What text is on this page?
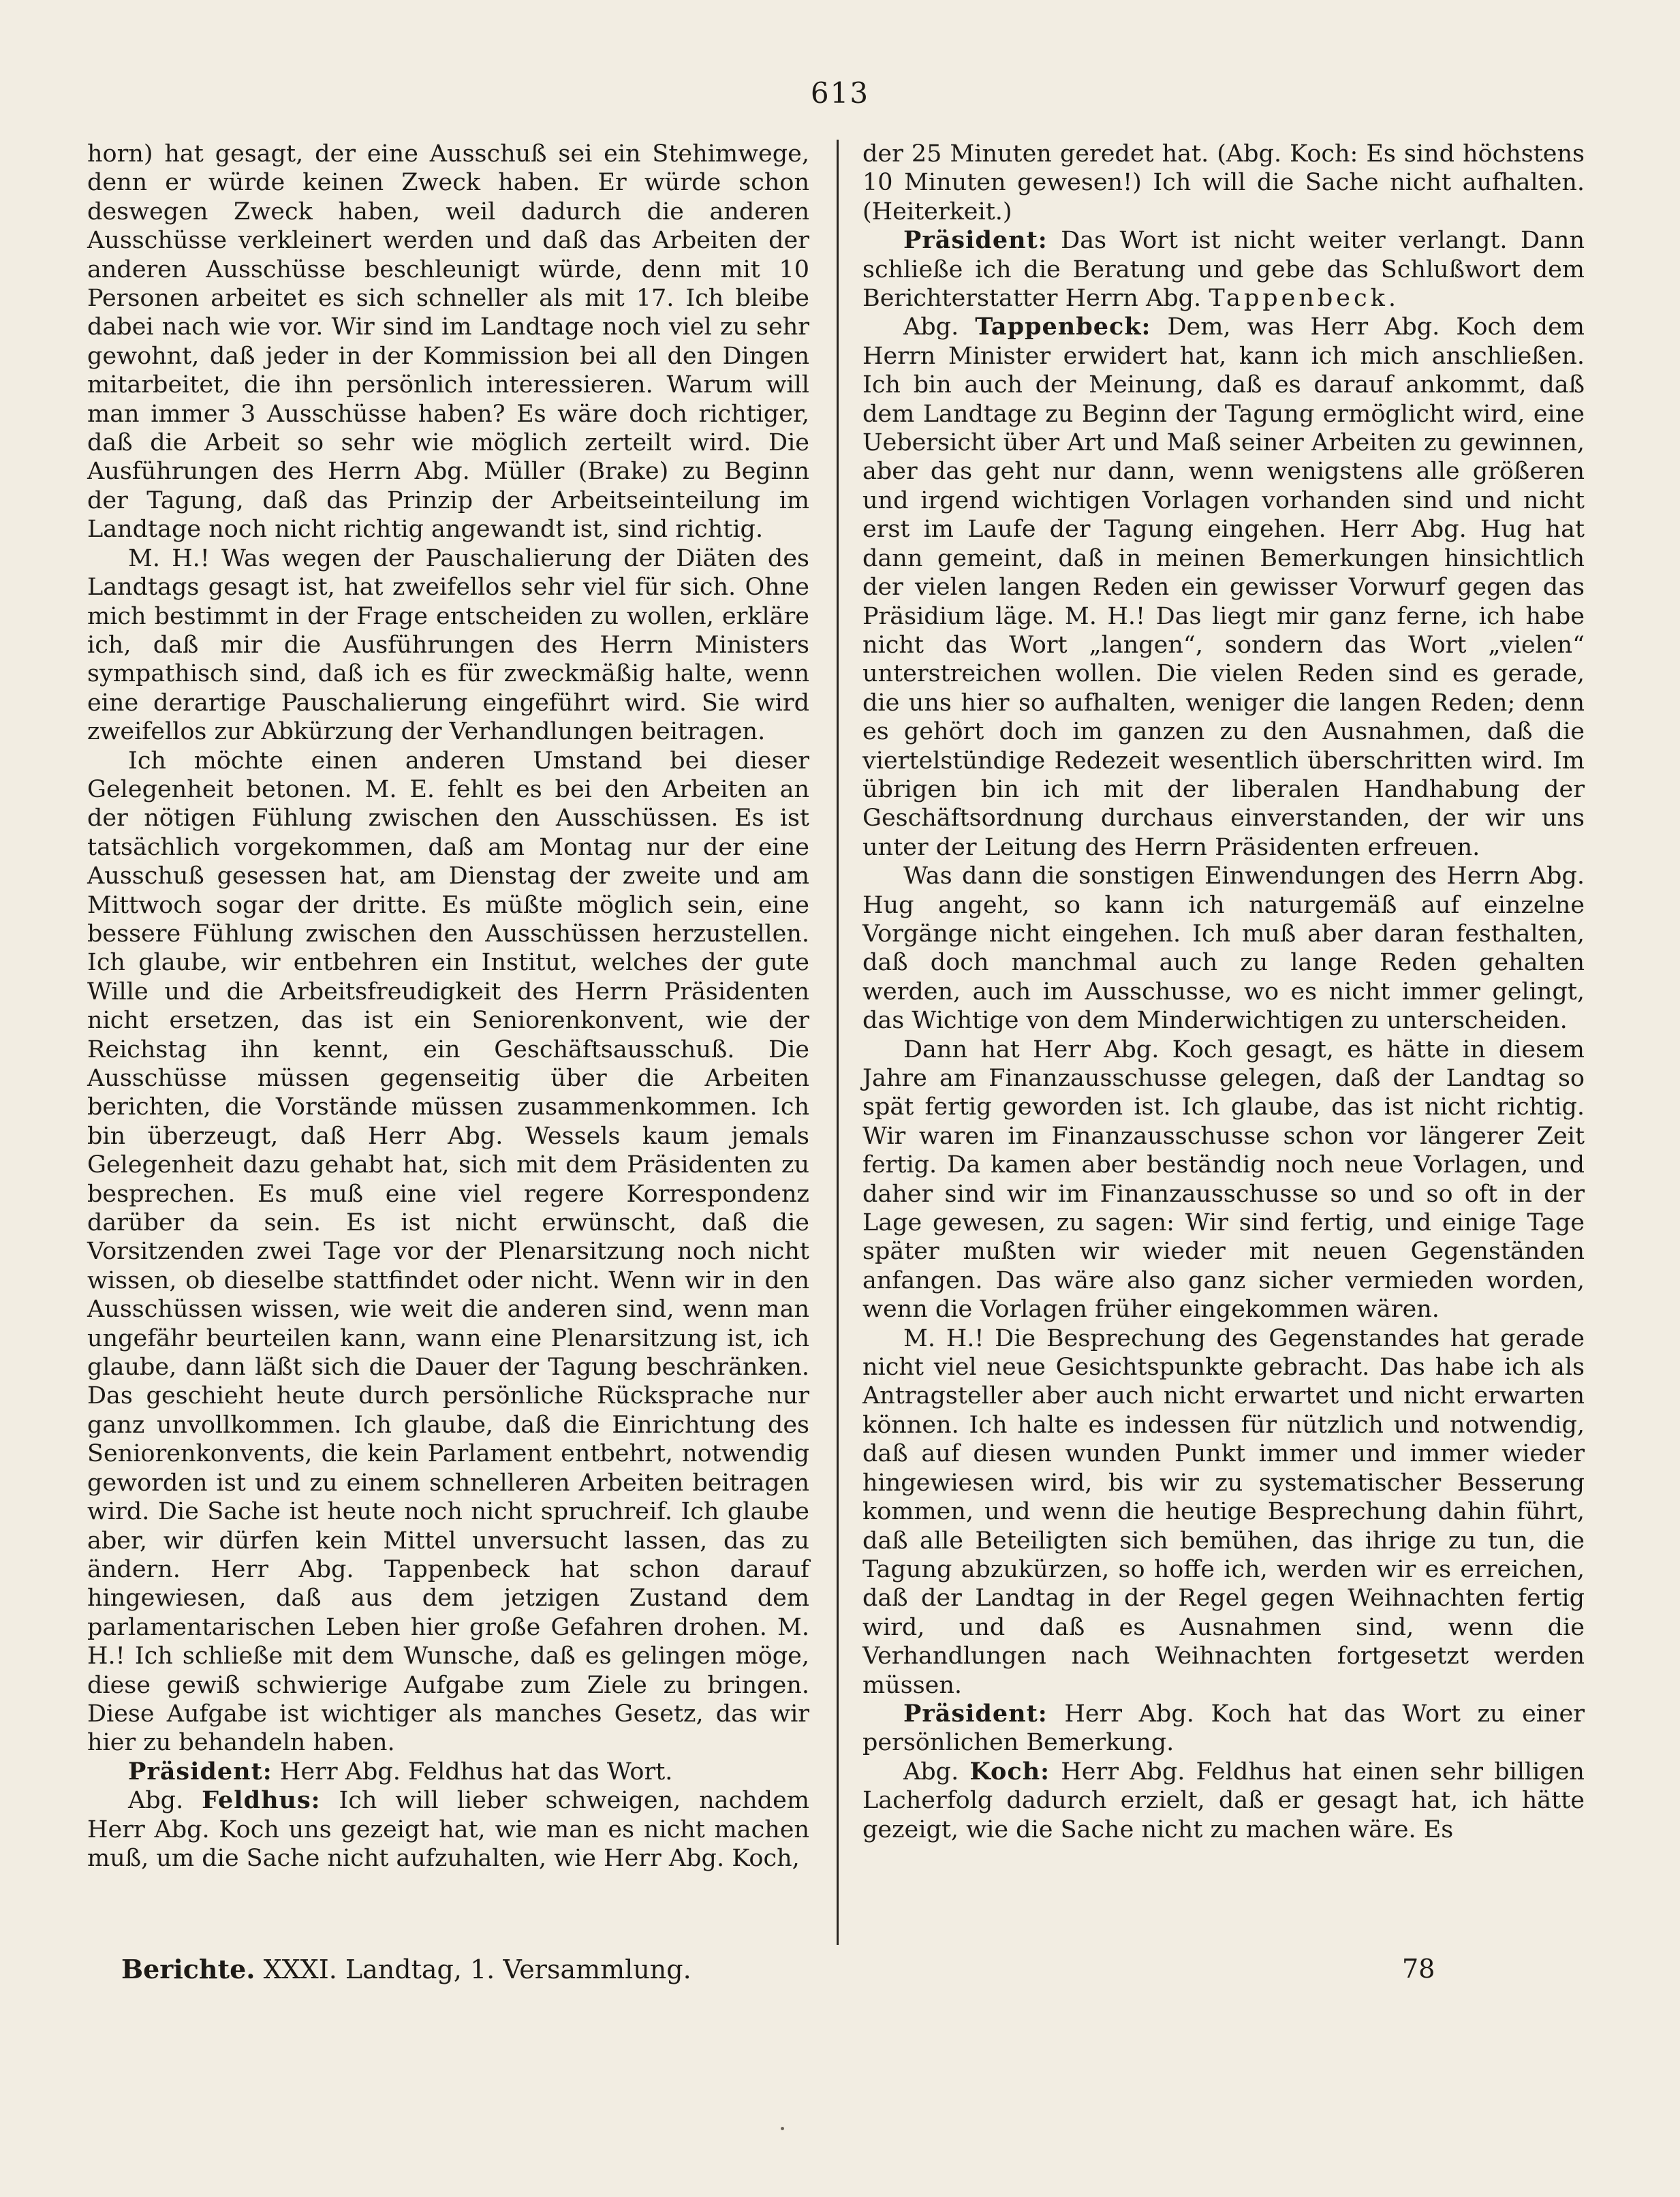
613

horn) hat gesagt, der eine Ausschuß sei ein Stehimwege, denn er würde keinen Zweck haben. Er würde schon deswegen Zweck haben, weil dadurch die anderen Ausschüsse verkleinert werden und daß das Arbeiten der anderen Ausschüsse beschleunigt würde, denn mit 10 Personen arbeitet es sich schneller als mit 17. Ich bleibe dabei nach wie vor. Wir sind im Landtage noch viel zu sehr gewohnt, daß jeder in der Kommission bei all den Dingen mitarbeitet, die ihn persönlich interessieren. Warum will man immer 3 Ausschüsse haben? Es wäre doch richtiger, daß die Arbeit so sehr wie möglich zerteilt wird. Die Ausführungen des Herrn Abg. Müller (Brake) zu Beginn der Tagung, daß das Prinzip der Arbeitseinteilung im Landtage noch nicht richtig angewandt ist, sind richtig.

M. H.! Was wegen der Pauschalierung der Diäten des Landtags gesagt ist, hat zweifellos sehr viel für sich. Ohne mich bestimmt in der Frage entscheiden zu wollen, erkläre ich, daß mir die Ausführungen des Herrn Ministers sympathisch sind, daß ich es für zweckmäßig halte, wenn eine derartige Pauschalierung eingeführt wird. Sie wird zweifellos zur Abkürzung der Verhandlungen beitragen.

Ich möchte einen anderen Umstand bei dieser Gelegenheit betonen. M. E. fehlt es bei den Arbeiten an der nötigen Fühlung zwischen den Ausschüssen. Es ist tatsächlich vorgekommen, daß am Montag nur der eine Ausschuß gesessen hat, am Dienstag der zweite und am Mittwoch sogar der dritte. Es müßte möglich sein, eine bessere Fühlung zwischen den Ausschüssen herzustellen. Ich glaube, wir entbehren ein Institut, welches der gute Wille und die Arbeitsfreudigkeit des Herrn Präsidenten nicht ersetzen, das ist ein Seniorenkonvent, wie der Reichstag ihn kennt, ein Geschäftsausschuß. Die Ausschüsse müssen gegenseitig über die Arbeiten berichten, die Vorstände müssen zusammenkommen. Ich bin überzeugt, daß Herr Abg. Wessels kaum jemals Gelegenheit dazu gehabt hat, sich mit dem Präsidenten zu besprechen. Es muß eine viel regere Korrespondenz darüber da sein. Es ist nicht erwünscht, daß die Vorsitzenden zwei Tage vor der Plenarsitzung noch nicht wissen, ob dieselbe stattfindet oder nicht. Wenn wir in den Ausschüssen wissen, wie weit die anderen sind, wenn man ungefähr beurteilen kann, wann eine Plenarsitzung ist, ich glaube, dann läßt sich die Dauer der Tagung beschränken. Das geschieht heute durch persönliche Rücksprache nur ganz unvollkommen. Ich glaube, daß die Einrichtung des Seniorenkonvents, die kein Parlament entbehrt, notwendig geworden ist und zu einem schnelleren Arbeiten beitragen wird. Die Sache ist heute noch nicht spruchreif. Ich glaube aber, wir dürfen kein Mittel unversucht lassen, das zu ändern. Herr Abg. Tappenbeck hat schon darauf hingewiesen, daß aus dem jetzigen Zustand dem parlamentarischen Leben hier große Gefahren drohen. M. H.! Ich schließe mit dem Wunsche, daß es gelingen möge, diese gewiß schwierige Aufgabe zum Ziele zu bringen. Diese Aufgabe ist wichtiger als manches Gesetz, das wir hier zu behandeln haben.

Präsident: Herr Abg. Feldhus hat das Wort.

Abg. Feldhus: Ich will lieber schweigen, nachdem Herr Abg. Koch uns gezeigt hat, wie man es nicht machen muß, um die Sache nicht aufzuhalten, wie Herr Abg. Koch,

der 25 Minuten geredet hat. (Abg. Koch: Es sind höchstens 10 Minuten gewesen!) Ich will die Sache nicht aufhalten. (Heiterkeit.)

Präsident: Das Wort ist nicht weiter verlangt. Dann schließe ich die Beratung und gebe das Schlußwort dem Berichterstatter Herrn Abg. Tappenbeck.

Abg. Tappenbeck: Dem, was Herr Abg. Koch dem Herrn Minister erwidert hat, kann ich mich anschließen. Ich bin auch der Meinung, daß es darauf ankommt, daß dem Landtage zu Beginn der Tagung ermöglicht wird, eine Uebersicht über Art und Maß seiner Arbeiten zu gewinnen, aber das geht nur dann, wenn wenigstens alle größeren und irgend wichtigen Vorlagen vorhanden sind und nicht erst im Laufe der Tagung eingehen. Herr Abg. Hug hat dann gemeint, daß in meinen Bemerkungen hinsichtlich der vielen langen Reden ein gewisser Vorwurf gegen das Präsidium läge. M. H.! Das liegt mir ganz ferne, ich habe nicht das Wort „langen“, sondern das Wort „vielen“ unterstreichen wollen. Die vielen Reden sind es gerade, die uns hier so aufhalten, weniger die langen Reden; denn es gehört doch im ganzen zu den Ausnahmen, daß die viertelstündige Redezeit wesentlich überschritten wird. Im übrigen bin ich mit der liberalen Handhabung der Geschäftsordnung durchaus einverstanden, der wir uns unter der Leitung des Herrn Präsidenten erfreuen.

Was dann die sonstigen Einwendungen des Herrn Abg. Hug angeht, so kann ich naturgemäß auf einzelne Vorgänge nicht eingehen. Ich muß aber daran festhalten, daß doch manchmal auch zu lange Reden gehalten werden, auch im Ausschusse, wo es nicht immer gelingt, das Wichtige von dem Minderwichtigen zu unterscheiden.

Dann hat Herr Abg. Koch gesagt, es hätte in diesem Jahre am Finanzausschusse gelegen, daß der Landtag so spät fertig geworden ist. Ich glaube, das ist nicht richtig. Wir waren im Finanzausschusse schon vor längerer Zeit fertig. Da kamen aber beständig noch neue Vorlagen, und daher sind wir im Finanzausschusse so und so oft in der Lage gewesen, zu sagen: Wir sind fertig, und einige Tage später mußten wir wieder mit neuen Gegenständen anfangen. Das wäre also ganz sicher vermieden worden, wenn die Vorlagen früher eingekommen wären.

M. H.! Die Besprechung des Gegenstandes hat gerade nicht viel neue Gesichtspunkte gebracht. Das habe ich als Antragsteller aber auch nicht erwartet und nicht erwarten können. Ich halte es indessen für nützlich und notwendig, daß auf diesen wunden Punkt immer und immer wieder hingewiesen wird, bis wir zu systematischer Besserung kommen, und wenn die heutige Besprechung dahin führt, daß alle Beteiligten sich bemühen, das ihrige zu tun, die Tagung abzukürzen, so hoffe ich, werden wir es erreichen, daß der Landtag in der Regel gegen Weihnachten fertig wird, und daß es Ausnahmen sind, wenn die Verhandlungen nach Weihnachten fortgesetzt werden müssen.

Präsident: Herr Abg. Koch hat das Wort zu einer persönlichen Bemerkung.

Abg. Koch: Herr Abg. Feldhus hat einen sehr billigen Lacherfolg dadurch erzielt, daß er gesagt hat, ich hätte gezeigt, wie die Sache nicht zu machen wäre. Es

Berichte. XXXI. Landtag, 1. Versammlung.	78
